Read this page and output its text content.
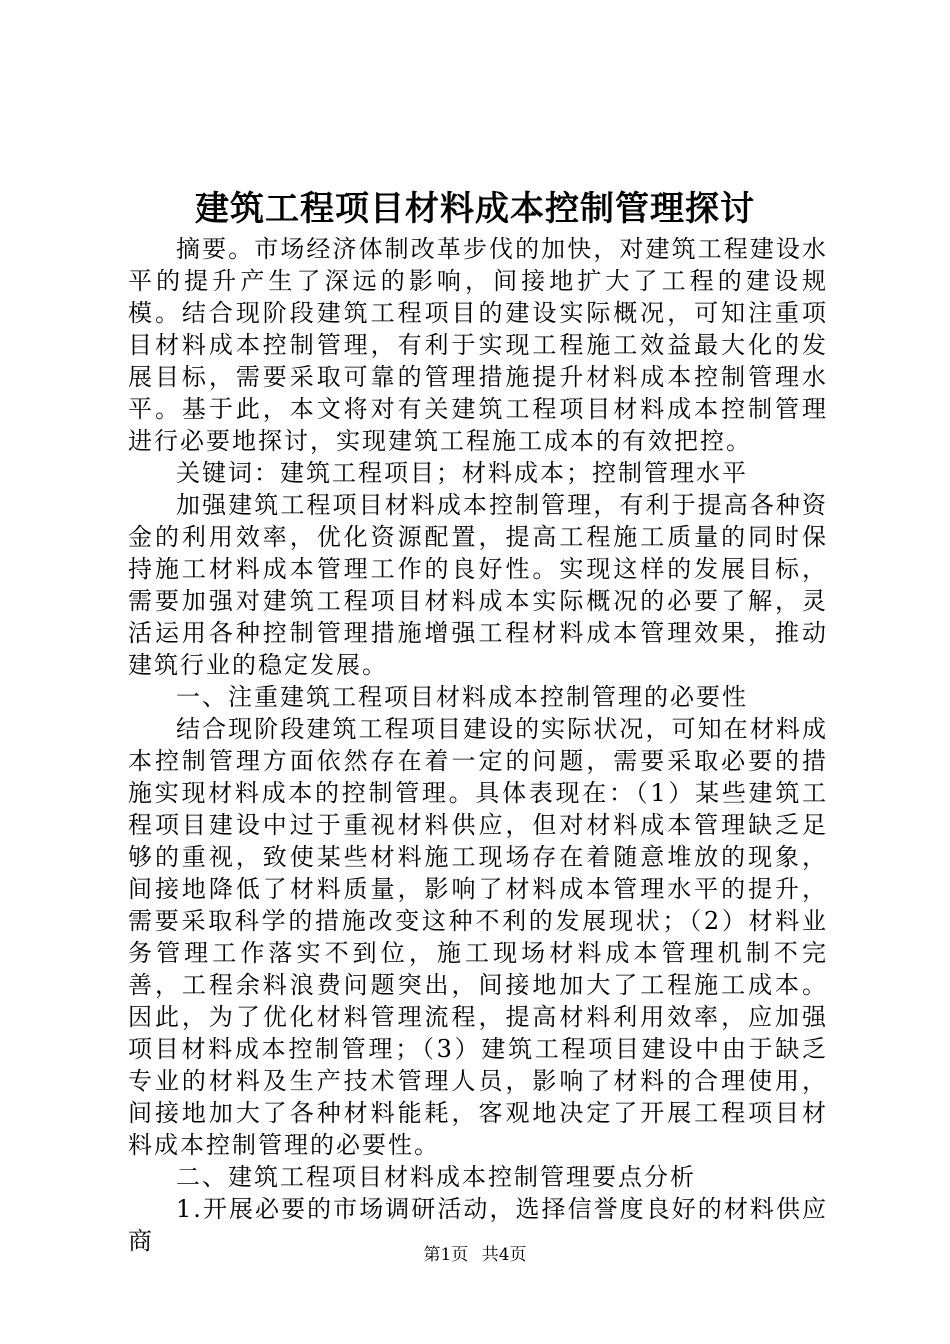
建筑工程项目材料成本控制管理探讨

摘要。市场经济体制改革步伐的加快，对建筑工程建设水平的提升产生了深远的影响，间接地扩大了工程的建设规模。结合现阶段建筑工程项目的建设实际概况，可知注重项目材料成本控制管理，有利于实现工程施工效益最大化的发展目标，需要采取可靠的管理措施提升材料成本控制管理水平。基于此，本文将对有关建筑工程项目材料成本控制管理进行必要地探讨，实现建筑工程施工成本的有效把控。

关键词：建筑工程项目；材料成本；控制管理水平

加强建筑工程项目材料成本控制管理，有利于提高各种资金的利用效率，优化资源配置，提高工程施工质量的同时保持施工材料成本管理工作的良好性。实现这样的发展目标，需要加强对建筑工程项目材料成本实际概况的必要了解，灵活运用各种控制管理措施增强工程材料成本管理效果，推动建筑行业的稳定发展。

一、注重建筑工程项目材料成本控制管理的必要性

结合现阶段建筑工程项目建设的实际状况，可知在材料成本控制管理方面依然存在着一定的问题，需要采取必要的措施实现材料成本的控制管理。具体表现在：（1）某些建筑工程项目建设中过于重视材料供应，但对材料成本管理缺乏足够的重视，致使某些材料施工现场存在着随意堆放的现象，间接地降低了材料质量，影响了材料成本管理水平的提升，需要采取科学的措施改变这种不利的发展现状；（2）材料业务管理工作落实不到位，施工现场材料成本管理机制不完善，工程余料浪费问题突出，间接地加大了工程施工成本。因此，为了优化材料管理流程，提高材料利用效率，应加强项目材料成本控制管理；（3）建筑工程项目建设中由于缺乏专业的材料及生产技术管理人员，影响了材料的合理使用，间接地加大了各种材料能耗，客观地决定了开展工程项目材料成本控制管理的必要性。

二、建筑工程项目材料成本控制管理要点分析

1.开展必要的市场调研活动，选择信誉度良好的材料供应商	第1页 共4页
